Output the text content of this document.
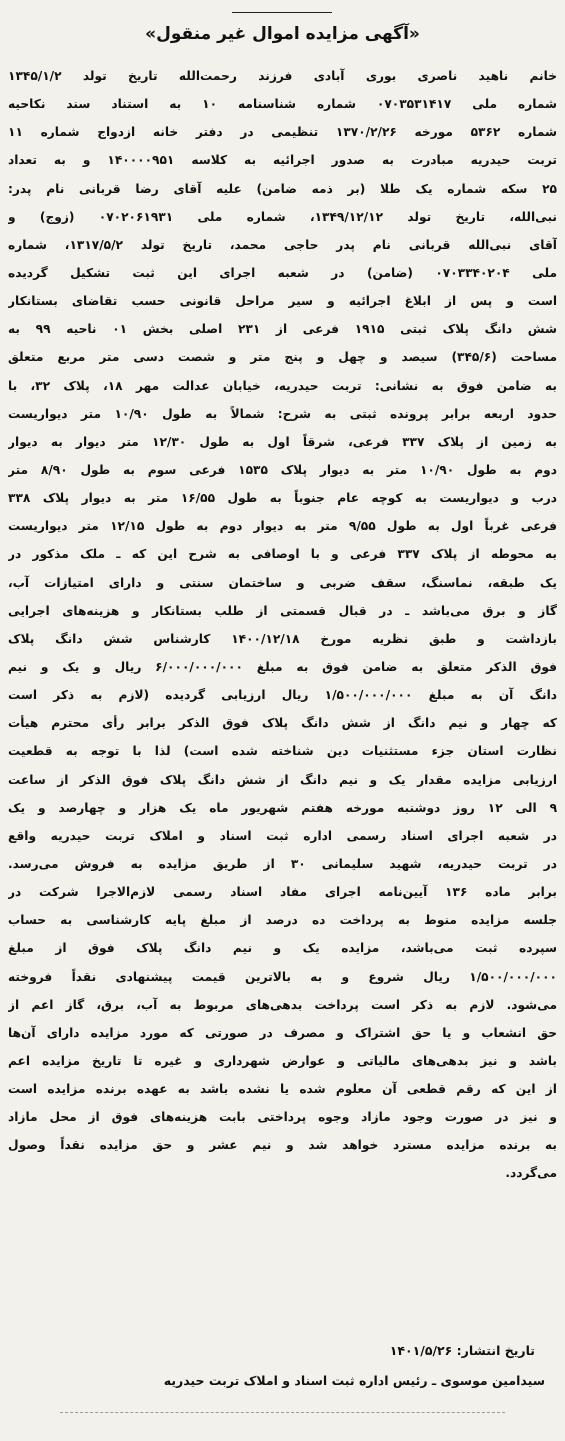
«آگهی مزایده اموال غیر منقول»
خانم ناهید ناصری بوری آبادی فرزند رحمت‌الله تاریخ تولد ۱۳۴۵/۱/۲
شماره ملی ۰۷۰۳۵۳۱۴۱۷ شماره شناسنامه ۱۰ به استناد سند نکاحیه
شماره ۵۳۶۲ مورخه ۱۳۷۰/۲/۲۶ تنظیمی در دفتر خانه ازدواج شماره ۱۱
تربت حیدریه مبادرت به صدور اجرائیه به کلاسه ۱۴۰۰۰۰۹۵۱ و به تعداد
۲۵ سکه شماره یک طلا (بر ذمه ضامن) علیه آقای رضا قربانی نام پدر:
نبی‌الله، تاریخ تولد ۱۳۴۹/۱۲/۱۲، شماره ملی ۰۷۰۲۰۶۱۹۳۱ (زوج) و
آقای نبی‌الله قربانی نام پدر حاجی محمد، تاریخ تولد ۱۳۱۷/۵/۲، شماره
ملی ۰۷۰۳۳۴۰۲۰۴ (ضامن) در شعبه اجرای این ثبت تشکیل گردیده
است و پس از ابلاغ اجرائیه و سیر مراحل قانونی حسب تقاضای بستانکار
شش دانگ پلاک ثبتی ۱۹۱۵ فرعی از ۲۳۱ اصلی بخش ۰۱ ناحیه ۹۹ به
مساحت (۳۴۵/۶) سیصد و چهل و پنج متر و شصت دسی متر مربع متعلق
به ضامن فوق به نشانی: تربت حیدریه، خیابان عدالت مهر ۱۸، پلاک ۳۲، با
حدود اربعه برابر پرونده ثبتی به شرح: شمالاً به طول ۱۰/۹۰ متر دیواریست
به زمین از پلاک ۳۳۷ فرعی، شرقاً اول به طول ۱۲/۳۰ متر دیوار به دیوار
دوم به طول ۱۰/۹۰ متر به دیوار پلاک ۱۵۳۵ فرعی سوم به طول ۸/۹۰ متر
درب و دیواریست به کوچه عام جنوباً به طول ۱۶/۵۵ متر به دیوار پلاک ۳۳۸
فرعی غرباً اول به طول ۹/۵۵ متر به دیوار دوم به طول ۱۲/۱۵ متر دیواریست
به محوطه از پلاک ۳۳۷ فرعی و با اوصافی به شرح این که ـ ملک مذکور در
یک طبقه، نماسنگ، سقف ضربی و ساختمان سنتی و دارای امتیازات آب،
گاز و برق می‌باشد ـ در قبال قسمتی از طلب بستانکار و هزینه‌های اجرایی
بازداشت و طبق نظریه مورخ ۱۴۰۰/۱۲/۱۸ کارشناس شش دانگ پلاک
فوق الذکر متعلق به ضامن فوق به مبلغ ۶/۰۰۰/۰۰۰/۰۰۰ ریال و یک و نیم
دانگ آن به مبلغ ۱/۵۰۰/۰۰۰/۰۰۰ ریال ارزیابی گردیده (لازم به ذکر است
که چهار و نیم دانگ از شش دانگ پلاک فوق الذکر برابر رأی محترم هیأت
نظارت استان جزء مستثنیات دین شناخته شده است) لذا با توجه به قطعیت
ارزیابی مزایده مقدار یک و نیم دانگ از شش دانگ پلاک فوق الذکر از ساعت
۹ الی ۱۲ روز دوشنبه مورخه هفتم شهریور ماه یک هزار و چهارصد و یک
در شعبه اجرای اسناد رسمی اداره ثبت اسناد و املاک تربت حیدریه واقع
در تربت حیدریه، شهید سلیمانی ۳۰ از طریق مزایده به فروش می‌رسد.
برابر ماده ۱۳۶ آیین‌نامه اجرای مفاد اسناد رسمی لازم‌الاجرا شرکت در
جلسه مزایده منوط به پرداخت ده درصد از مبلغ پایه کارشناسی به حساب
سپرده ثبت می‌باشد، مزایده یک و نیم دانگ پلاک فوق از مبلغ
۱/۵۰۰/۰۰۰/۰۰۰ ریال شروع و به بالاترین قیمت پیشنهادی نقداً فروخته
می‌شود. لازم به ذکر است پرداخت بدهی‌های مربوط به آب، برق، گاز اعم از
حق انشعاب و یا حق اشتراک و مصرف در صورتی که مورد مزایده دارای آن‌ها
باشد و نیز بدهی‌های مالیاتی و عوارض شهرداری و غیره تا تاریخ مزایده اعم
از این که رقم قطعی آن معلوم شده یا نشده باشد به عهده برنده مزایده است
و نیز در صورت وجود مازاد وجوه پرداختی بابت هزینه‌های فوق از محل مازاد
به برنده مزایده مسترد خواهد شد و نیم عشر و حق مزایده نقداً وصول
می‌گردد.
تاریخ انتشار: ۱۴۰۱/۵/۲۶
سیدامین موسوی ـ رئیس اداره ثبت اسناد و املاک تربت حیدریه
